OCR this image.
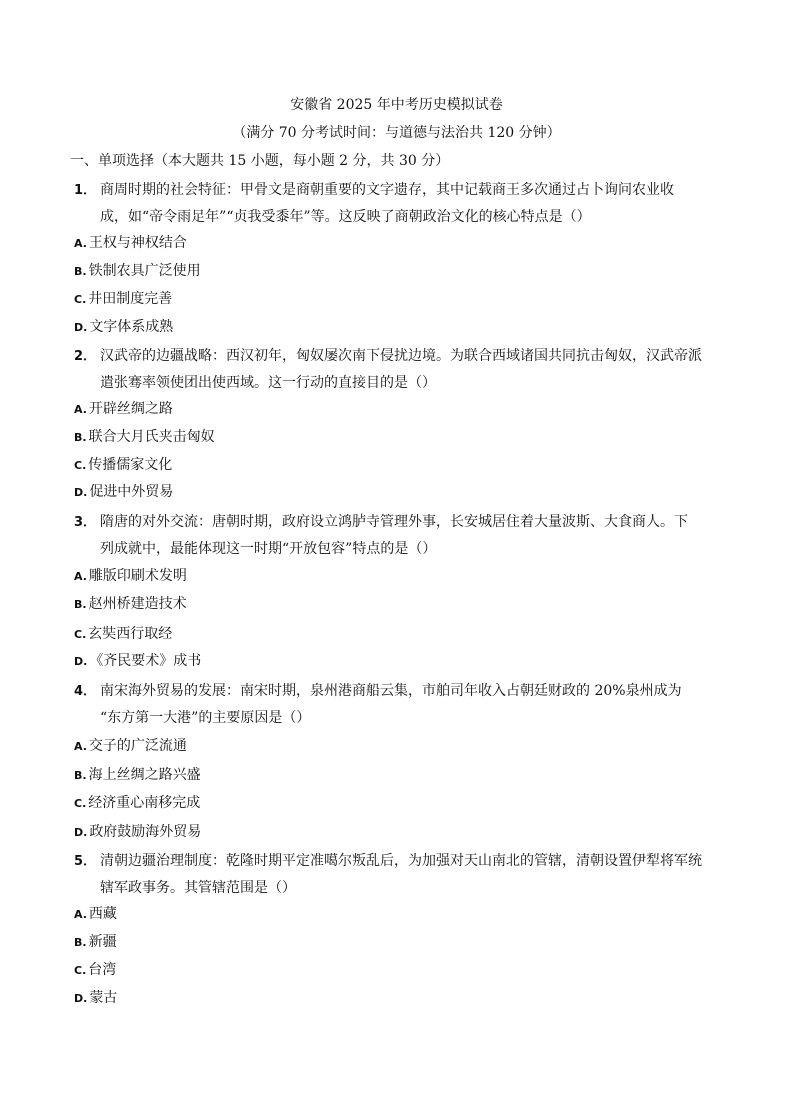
安徽省 2025 年中考历史模拟试卷
（满分 70 分考试时间：与道德与法治共 120 分钟）
一、单项选择（本大题共 15 小题，每小题 2 分，共 30 分）
1． 商周时期的社会特征：甲骨文是商朝重要的文字遗存，其中记载商王多次通过占卜询问农业收
成，如“帝令雨足年”“贞我受黍年”等。这反映了商朝政治文化的核心特点是（）
A. 王权与神权结合
B. 铁制农具广泛使用
C. 井田制度完善
D. 文字体系成熟
2． 汉武帝的边疆战略：西汉初年，匈奴屡次南下侵扰边境。为联合西域诸国共同抗击匈奴，汉武帝派
遣张骞率领使团出使西域。这一行动的直接目的是（）
A. 开辟丝绸之路
B. 联合大月氏夹击匈奴
C. 传播儒家文化
D. 促进中外贸易
3． 隋唐的对外交流：唐朝时期，政府设立鸿胪寺管理外事，长安城居住着大量波斯、大食商人。下
列成就中，最能体现这一时期“开放包容”特点的是（）
A. 雕版印刷术发明
B. 赵州桥建造技术
C. 玄奘西行取经
D. 《齐民要术》成书
4． 南宋海外贸易的发展：南宋时期，泉州港商船云集，市舶司年收入占朝廷财政的 20%泉州成为
“东方第一大港”的主要原因是（）
A. 交子的广泛流通
B. 海上丝绸之路兴盛
C. 经济重心南移完成
D. 政府鼓励海外贸易
5． 清朝边疆治理制度：乾隆时期平定准噶尔叛乱后，为加强对天山南北的管辖，清朝设置伊犁将军统
辖军政事务。其管辖范围是（）
A. 西藏
B. 新疆
C. 台湾
D. 蒙古
